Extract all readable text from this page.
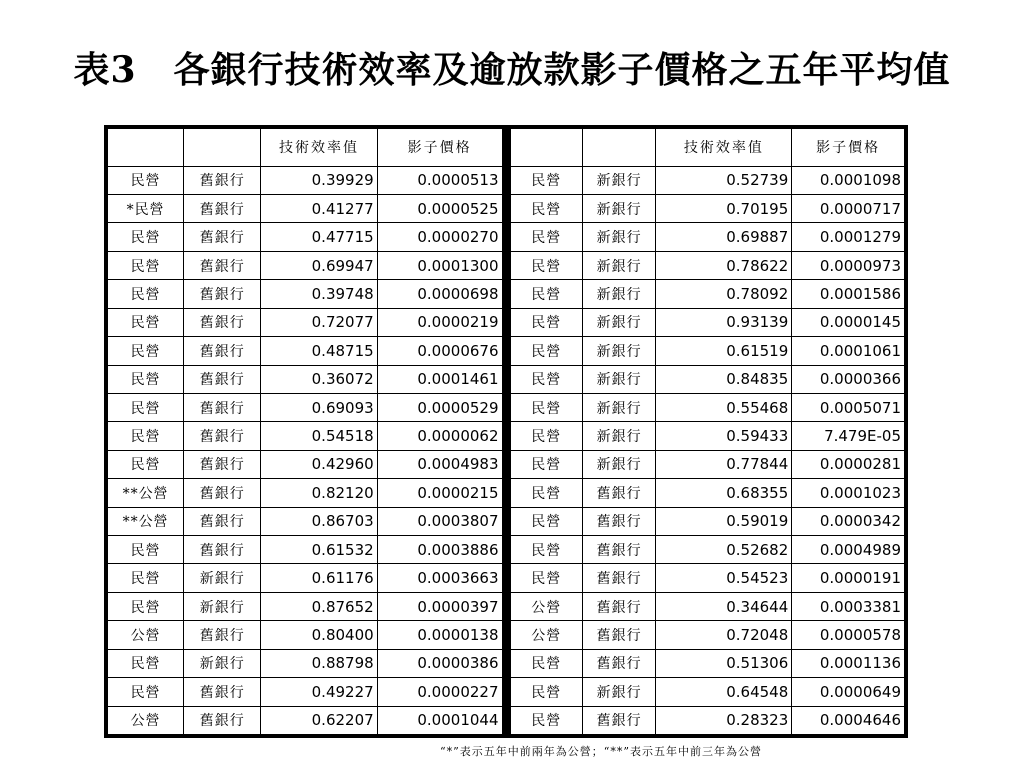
表3　各銀行技術效率及逾放款影子價格之五年平均值
		技術效率值	影子價格
民營	舊銀行	0.39929	0.0000513
*民營	舊銀行	0.41277	0.0000525
民營	舊銀行	0.47715	0.0000270
民營	舊銀行	0.69947	0.0001300
民營	舊銀行	0.39748	0.0000698
民營	舊銀行	0.72077	0.0000219
民營	舊銀行	0.48715	0.0000676
民營	舊銀行	0.36072	0.0001461
民營	舊銀行	0.69093	0.0000529
民營	舊銀行	0.54518	0.0000062
民營	舊銀行	0.42960	0.0004983
**公營	舊銀行	0.82120	0.0000215
**公營	舊銀行	0.86703	0.0003807
民營	舊銀行	0.61532	0.0003886
民營	新銀行	0.61176	0.0003663
民營	新銀行	0.87652	0.0000397
公營	舊銀行	0.80400	0.0000138
民營	新銀行	0.88798	0.0000386
民營	舊銀行	0.49227	0.0000227
公營	舊銀行	0.62207	0.0001044
		技術效率值	影子價格
民營	新銀行	0.52739	0.0001098
民營	新銀行	0.70195	0.0000717
民營	新銀行	0.69887	0.0001279
民營	新銀行	0.78622	0.0000973
民營	新銀行	0.78092	0.0001586
民營	新銀行	0.93139	0.0000145
民營	新銀行	0.61519	0.0001061
民營	新銀行	0.84835	0.0000366
民營	新銀行	0.55468	0.0005071
民營	新銀行	0.59433	7.479E-05
民營	新銀行	0.77844	0.0000281
民營	舊銀行	0.68355	0.0001023
民營	舊銀行	0.59019	0.0000342
民營	舊銀行	0.52682	0.0004989
民營	舊銀行	0.54523	0.0000191
公營	舊銀行	0.34644	0.0003381
公營	舊銀行	0.72048	0.0000578
民營	舊銀行	0.51306	0.0001136
民營	新銀行	0.64548	0.0000649
民營	舊銀行	0.28323	0.0004646
“*”表示五年中前兩年為公營；“**”表示五年中前三年為公營
